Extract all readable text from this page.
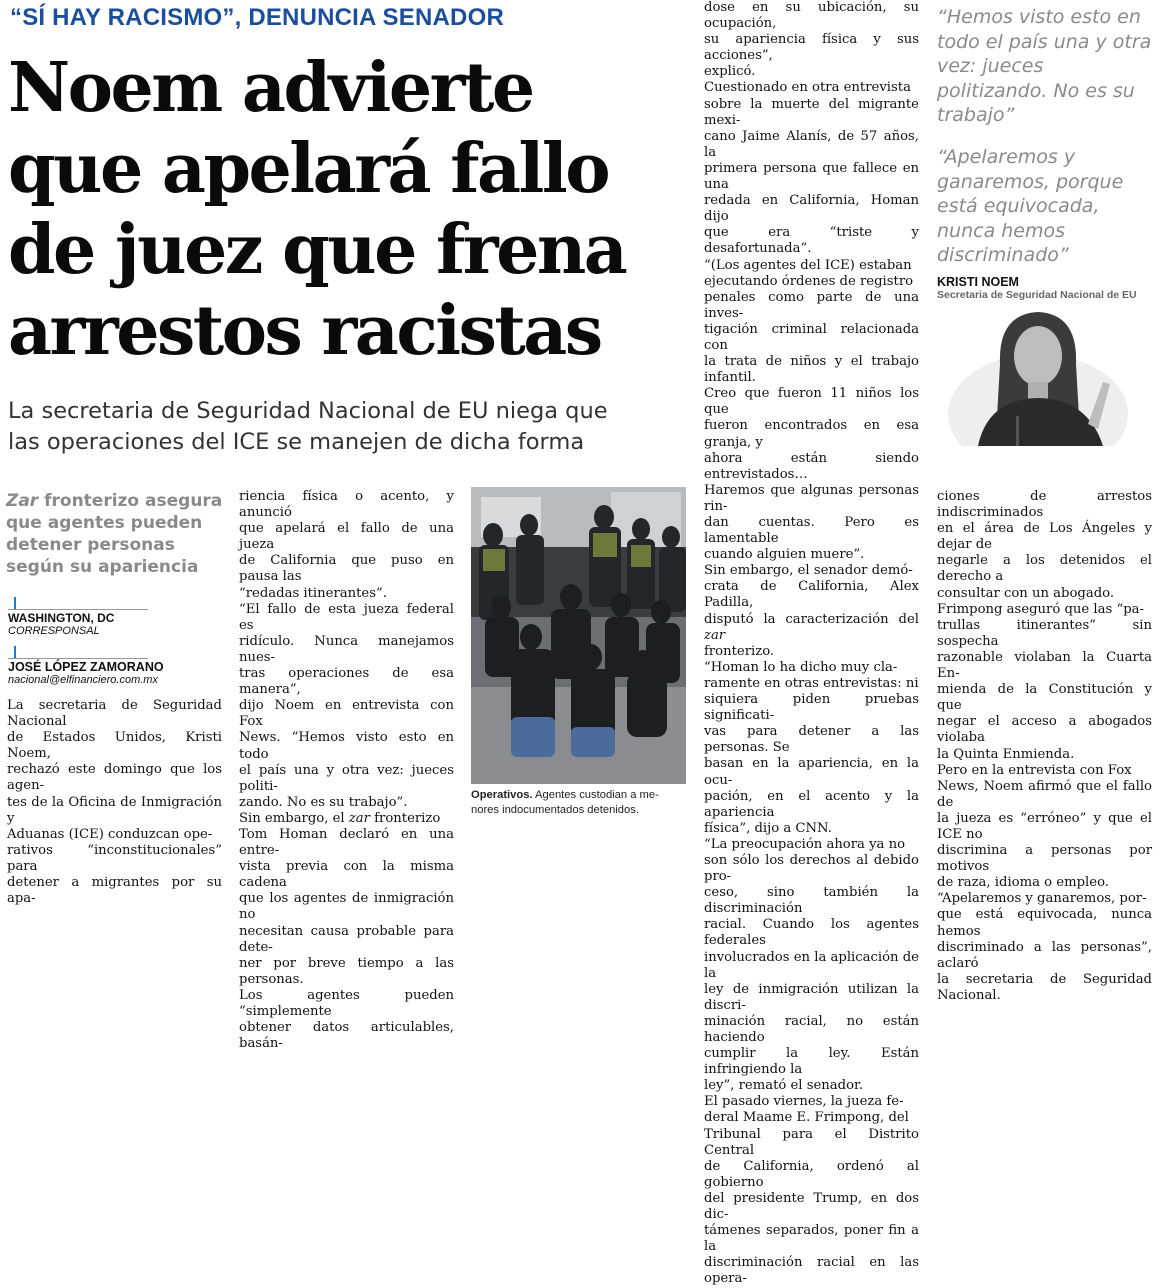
“SÍ HAY RACISMO”, DENUNCIA SENADOR
Noem advierte
que apelará fallo
de juez que frena
arrestos racistas
La secretaria de Seguridad Nacional de EU niega que
las operaciones del ICE se manejen de dicha forma
Zar fronterizo asegura que agentes pueden detener personas según su apariencia
WASHINGTON, DC
CORRESPONSAL
JOSÉ LÓPEZ ZAMORANO
nacional@elfinanciero.com.mx
La secretaria de Seguridad Nacional
de Estados Unidos, Kristi Noem,
rechazó este domingo que los agen-
tes de la Oficina de Inmigración y
Aduanas (ICE) conduzcan ope-
rativos “inconstitucionales” para
detener a migrantes por su apa-
riencia física o acento, y anunció
que apelará el fallo de una jueza
de California que puso en pausa las
“redadas itinerantes”.
“El fallo de esta jueza federal es
ridículo. Nunca manejamos nues-
tras operaciones de esa manera”,
dijo Noem en entrevista con Fox
News. “Hemos visto esto en todo
el país una y otra vez: jueces politi-
zando. No es su trabajo”.
Sin embargo, el zar fronterizo
Tom Homan declaró en una entre-
vista previa con la misma cadena
que los agentes de inmigración no
necesitan causa probable para dete-
ner por breve tiempo a las personas.
Los agentes pueden “simplemente
obtener datos articulables, basán-
Operativos. Agentes custodian a me-
nores indocumentados detenidos.
dose en su ubicación, su ocupación,
su apariencia física y sus acciones”,
explicó.
Cuestionado en otra entrevista
sobre la muerte del migrante mexi-
cano Jaime Alanís, de 57 años, la
primera persona que fallece en una
redada en California, Homan dijo
que era “triste y desafortunada”.
“(Los agentes del ICE) estaban
ejecutando órdenes de registro
penales como parte de una inves-
tigación criminal relacionada con
la trata de niños y el trabajo infantil.
Creo que fueron 11 niños los que
fueron encontrados en esa granja, y
ahora están siendo entrevistados…
Haremos que algunas personas rin-
dan cuentas. Pero es lamentable
cuando alguien muere”.
Sin embargo, el senador demó-
crata de California, Alex Padilla,
disputó la caracterización del zar
fronterizo.
“Homan lo ha dicho muy cla-
ramente en otras entrevistas: ni
siquiera piden pruebas significati-
vas para detener a las personas. Se
basan en la apariencia, en la ocu-
pación, en el acento y la apariencia
física”, dijo a CNN.
“La preocupación ahora ya no
son sólo los derechos al debido pro-
ceso, sino también la discriminación
racial. Cuando los agentes federales
involucrados en la aplicación de la
ley de inmigración utilizan la discri-
minación racial, no están haciendo
cumplir la ley. Están infringiendo la
ley”, remató el senador.
El pasado viernes, la jueza fe-
deral Maame E. Frimpong, del
Tribunal para el Distrito Central
de California, ordenó al gobierno
del presidente Trump, en dos dic-
támenes separados, poner fin a la
discriminación racial en las opera-
“Hemos visto esto en todo el país una y otra vez: jueces politizando. No es su trabajo”
“Apelaremos y ganaremos, porque está equivocada, nunca hemos discriminado”
KRISTI NOEM
Secretaria de Seguridad Nacional de EU
ciones de arrestos indiscriminados
en el área de Los Ángeles y dejar de
negarle a los detenidos el derecho a
consultar con un abogado.
Frimpong aseguró que las “pa-
trullas itinerantes” sin sospecha
razonable violaban la Cuarta En-
mienda de la Constitución y que
negar el acceso a abogados violaba
la Quinta Enmienda.
Pero en la entrevista con Fox
News, Noem afirmó que el fallo de
la jueza es “erróneo” y que el ICE no
discrimina a personas por motivos
de raza, idioma o empleo.
“Apelaremos y ganaremos, por-
que está equivocada, nunca hemos
discriminado a las personas”, aclaró
la secretaria de Seguridad Nacional.
